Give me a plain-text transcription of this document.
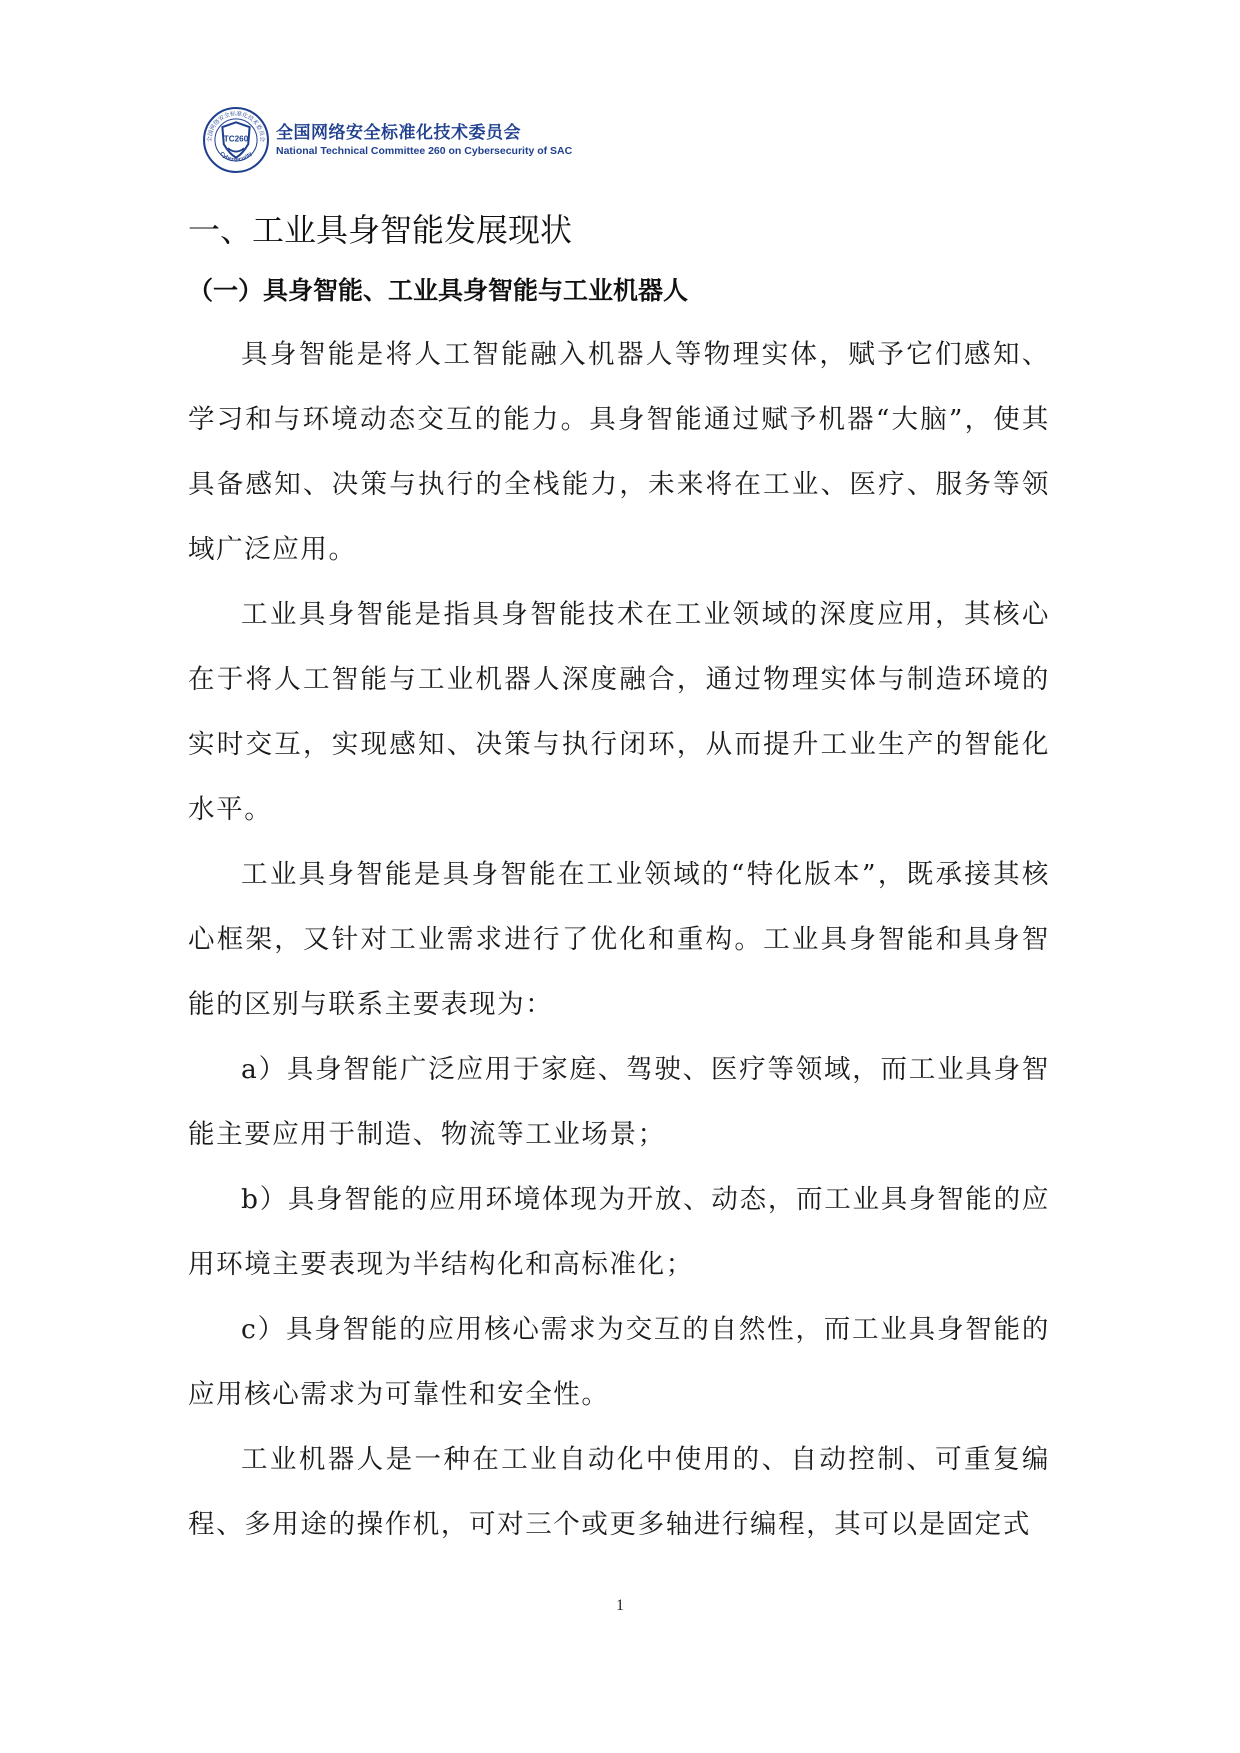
全国网络安全标准化技术委员会
Cybersecurity
TC260 全国网络安全标准化技术委员会
National Technical Committee 260 on Cybersecurity of SAC
一、工业具身智能发展现状
（一）具身智能、工业具身智能与工业机器人

具身智能是将人工智能融入机器人等物理实体，赋予它们感知、学习和与环境动态交互的能力。具身智能通过赋予机器“大脑”，使其具备感知、决策与执行的全栈能力，未来将在工业、医疗、服务等领域广泛应用。

工业具身智能是指具身智能技术在工业领域的深度应用，其核心在于将人工智能与工业机器人深度融合，通过物理实体与制造环境的实时交互，实现感知、决策与执行闭环，从而提升工业生产的智能化水平。

工业具身智能是具身智能在工业领域的“特化版本”，既承接其核心框架，又针对工业需求进行了优化和重构。工业具身智能和具身智能的区别与联系主要表现为：

a）具身智能广泛应用于家庭、驾驶、医疗等领域，而工业具身智能主要应用于制造、物流等工业场景；

b）具身智能的应用环境体现为开放、动态，而工业具身智能的应用环境主要表现为半结构化和高标准化；

c）具身智能的应用核心需求为交互的自然性，而工业具身智能的应用核心需求为可靠性和安全性。

工业机器人是一种在工业自动化中使用的、自动控制、可重复编程、多用途的操作机，可对三个或更多轴进行编程，其可以是固定式

1
